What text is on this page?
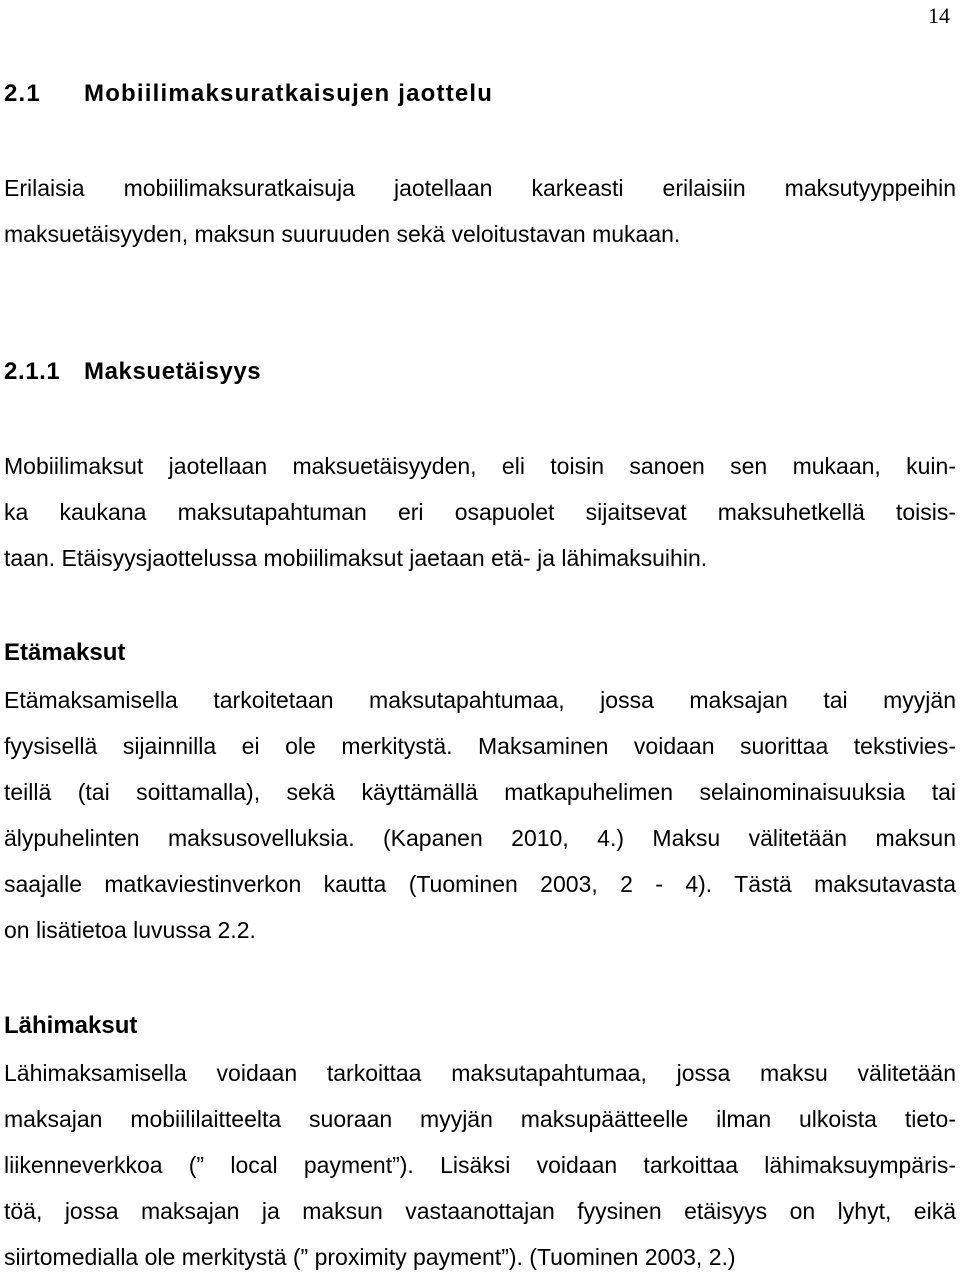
14
2.1 Mobiilimaksuratkaisujen jaottelu
Erilaisia mobiilimaksuratkaisuja jaotellaan karkeasti erilaisiin maksutyyppeihin
maksuetäisyyden, maksun suuruuden sekä veloitustavan mukaan.
2.1.1 Maksuetäisyys
Mobiilimaksut jaotellaan maksuetäisyyden, eli toisin sanoen sen mukaan, kuin-
ka kaukana maksutapahtuman eri osapuolet sijaitsevat maksuhetkellä toisis-
taan. Etäisyysjaottelussa mobiilimaksut jaetaan etä- ja lähimaksuihin.
Etämaksut
Etämaksamisella tarkoitetaan maksutapahtumaa, jossa maksajan tai myyjän
fyysisellä sijainnilla ei ole merkitystä. Maksaminen voidaan suorittaa tekstivies-
teillä (tai soittamalla), sekä käyttämällä matkapuhelimen selainominaisuuksia tai
älypuhelinten maksusovelluksia. (Kapanen 2010, 4.) Maksu välitetään maksun
saajalle matkaviestinverkon kautta (Tuominen 2003, 2 - 4). Tästä maksutavasta
on lisätietoa luvussa 2.2.
Lähimaksut
Lähimaksamisella voidaan tarkoittaa maksutapahtumaa, jossa maksu välitetään
maksajan mobiililaitteelta suoraan myyjän maksupäätteelle ilman ulkoista tieto-
liikenneverkkoa (” local payment”). Lisäksi voidaan tarkoittaa lähimaksuympäris-
töä, jossa maksajan ja maksun vastaanottajan fyysinen etäisyys on lyhyt, eikä
siirtomedialla ole merkitystä (” proximity payment”). (Tuominen 2003, 2.)
